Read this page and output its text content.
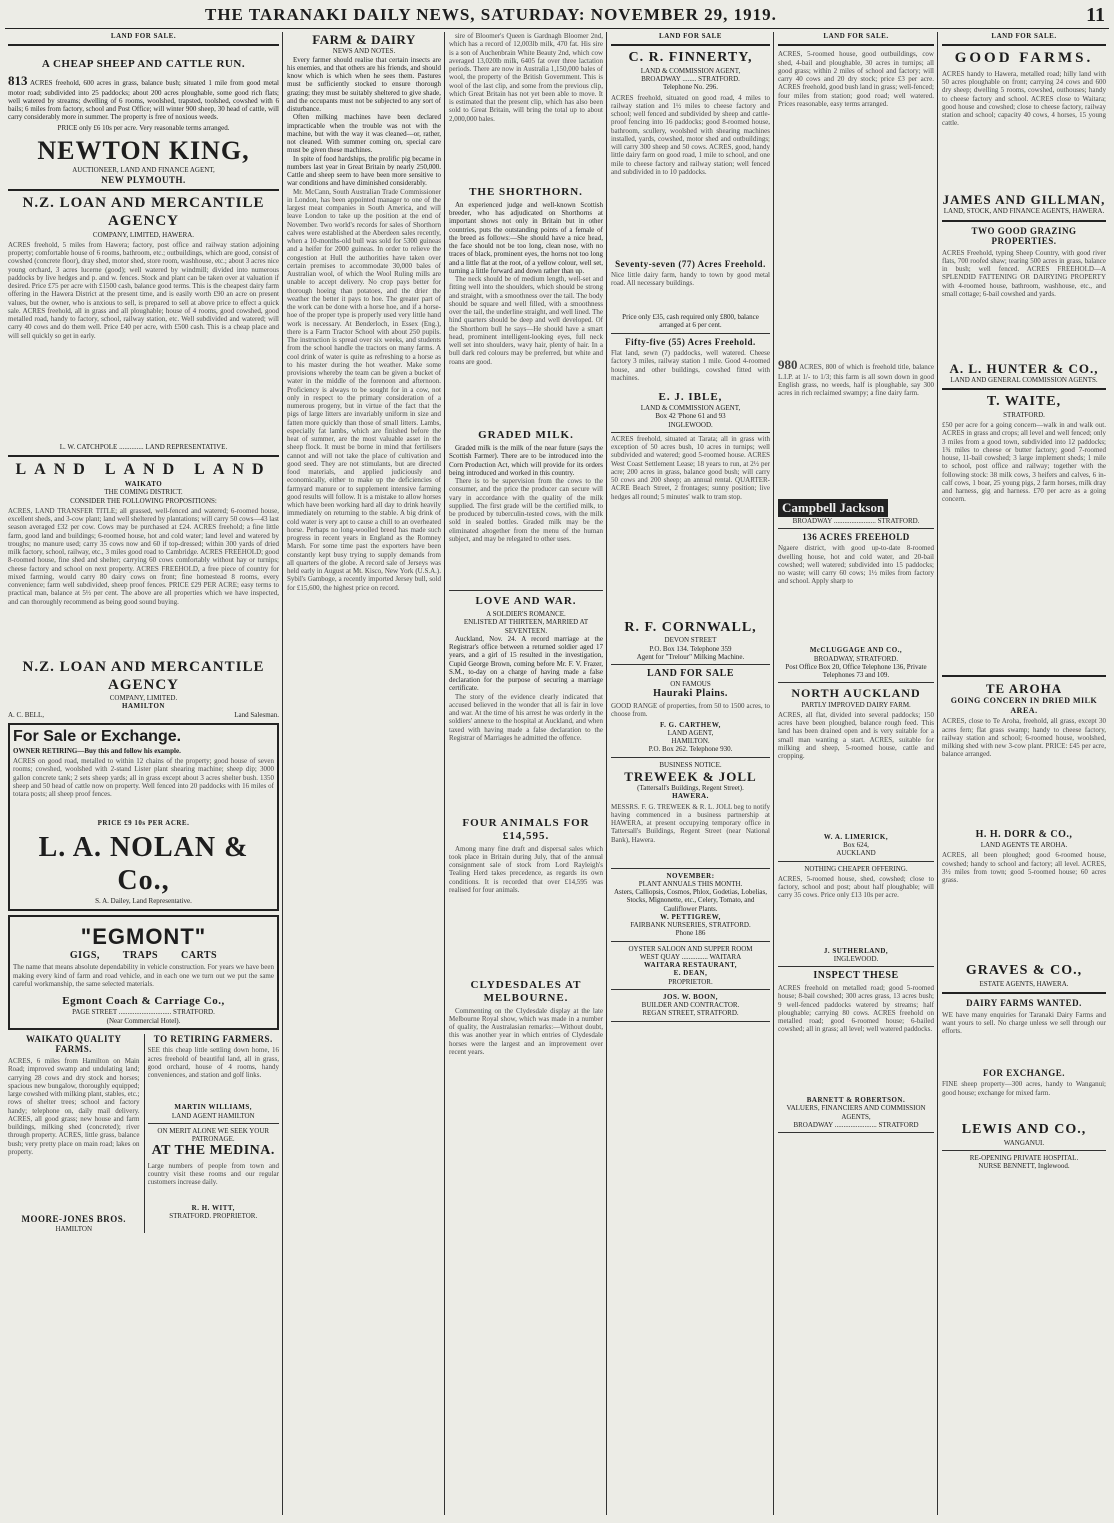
THE TARANAKI DAILY NEWS, SATURDAY: NOVEMBER 29, 1919.	11
LAND FOR SALE.
A CHEAP SHEEP AND CATTLE RUN.

813 ACRES freehold, 600 acres in grass, balance bush; situated 1 mile from good metal motor road; subdivided into 25 paddocks; about 200 acres ploughable, some good rich flats; well watered by streams; dwelling of 6 rooms, woolshed, trapsted, toolshed, cowshed with 6 bails; 6 miles from factory, school and Post Office; will winter 900 sheep, 30 head of cattle, will carry considerably more in summer. The property is free of noxious weeds.

PRICE only £6 10s per acre. Very reasonable terms arranged.
NEWTON KING,
AUCTIONEER, LAND AND FINANCE AGENT,
NEW PLYMOUTH.
N.Z. LOAN AND MERCANTILE AGENCY
COMPANY, LIMITED, HAWERA.

ACRES freehold, 5 miles from Hawera; factory, post office and railway station adjoining property; comfortable house of 6 rooms, bathroom, etc.; outbuildings, which are good, consist of cowshed (concrete floor), dray shed, motor shed, store room, washhouse, etc.; about 3 acres nice young orchard, 3 acres lucerne (good); well watered by windmill; divided into numerous paddocks by live hedges and p. and w. fences. Stock and plant can be taken over at valuation if desired. Price £75 per acre with £1500 cash, balance good terms. This is the cheapest dairy farm offering in the Hawera District at the present time, and is easily worth £90 an acre on present values, but the owner, who is anxious to sell, is prepared to sell at above price to effect a quick sale. ACRES freehold, all in grass and all ploughable; house of 4 rooms, good cowshed, good metalled road, handy to factory, school, railway station, etc. Well subdivided and watered; will carry 40 cows and do them well. Price £40 per acre, with £500 cash. This is a cheap place and will sell quickly so get in early.

L. W. CATCHPOLE .............. LAND REPRESENTATIVE.
LAND LAND LAND
WAIKATO
THE COMING DISTRICT.
CONSIDER THE FOLLOWING PROPOSITIONS:

ACRES, LAND TRANSFER TITLE; all grassed, well-fenced and watered; 6-roomed house, excellent sheds, and 3-cow plant; land well sheltered by plantations; will carry 50 cows—43 last season averaged £32 per cow. Cows may be purchased at £24. ACRES freehold; a fine little farm, good land and buildings; 6-roomed house, hot and cold water; land level and watered by troughs; no manure used; carry 35 cows now and 60 if top-dressed; within 300 yards of dried milk factory, school, railway, etc., 3 miles good road to Cambridge. ACRES FREEHOLD; good 8-roomed house, fine shed and shelter; carrying 60 cows comfortably without hay or turnips; cheese factory and school on next property. ACRES FREEHOLD, a free piece of country for mixed farming, would carry 80 dairy cows on front; fine homestead 8 rooms, every convenience; farm well subdivided, sheep proof fences. PRICE £29 PER ACRE; easy terms to practical man, balance at 5½ per cent. The above are all properties which we have inspected, and can thoroughly recommend as being good sound buying.

N.Z. LOAN AND MERCANTILE AGENCY
COMPANY, LIMITED.
HAMILTON
A. C. BELL,	Land Salesman.
For Sale or Exchange.
OWNER RETIRING—Buy this and follow his example.

ACRES on good road, metalled to within 12 chains of the property; good house of seven rooms; cowshed, woolshed with 2-stand Lister plant shearing machine; sheep dip; 3000 gallon concrete tank; 2 sets sheep yards; all in grass except about 3 acres shelter bush. 1350 sheep and 50 head of cattle now on property. Well fenced into 20 paddocks with 16 miles of totara posts; all sheep proof fences.

PRICE £9 10s PER ACRE.
L. A. NOLAN & Co.,
S. A. Dailey, Land Representative.
"EGMONT"
GIGS, TRAPS CARTS

The name that means absolute dependability in vehicle construction. For years we have been making every kind of farm and road vehicle, and in each one we turn out we put the same careful workmanship, the same selected materials.

Egmont Coach & Carriage Co.,
PAGE STREET .............................. STRATFORD.
(Near Commercial Hotel).
WAIKATO QUALITY FARMS.

ACRES, 6 miles from Hamilton on Main Road; improved swamp and undulating land; carrying 28 cows and dry stock and horses; spacious new bungalow, thoroughly equipped; large cowshed with milking plant, stables, etc.; rows of shelter trees; school and factory handy; telephone on, daily mail delivery. ACRES, all good grass; new house and farm buildings, milking shed (concreted); river through property. ACRES, little grass, balance bush; very pretty place on main road; lakes on property.

MOORE-JONES BROS.
HAMILTON
TO RETIRING FARMERS.

SEE this cheap little settling down home, 16 acres freehold of beautiful land, all in grass, good orchard, house of 4 rooms, handy conveniences, and station and golf links.

MARTIN WILLIAMS,
LAND AGENT HAMILTON
ON MERIT ALONE WE SEEK YOUR PATRONAGE.
AT THE MEDINA.

Large numbers of people from town and country visit these rooms and our regular customers increase daily.

R. H. WITT,
STRATFORD. PROPRIETOR.
FARM & DAIRY
NEWS AND NOTES.

Every farmer should realise that certain insects are his enemies, and that others are his friends, and should know which is which when he sees them. Pastures must be sufficiently stocked to ensure thorough grazing; they must be suitably sheltered to give shade, and the occupants must not be subjected to any sort of disturbance.

Often milking machines have been declared impracticable when the trouble was not with the machine, but with the way it was cleaned—or, rather, not cleaned. With summer coming on, special care must be given these machines.

In spite of food hardships, the prolific pig became in numbers last year in Great Britain by nearly 250,000. Cattle and sheep seem to have been more sensitive to war conditions and have diminished considerably.

Mr. McCann, South Australian Trade Commissioner in London, has been appointed manager to one of the largest meat companies in South America, and will leave London to take up the position at the end of November. Two world's records for sales of Shorthorn calves were established at the Aberdeen sales recently, when a 10-months-old bull was sold for 5300 guineas and a heifer for 2000 guineas. In order to relieve the congestion at Hull the authorities have taken over certain premises to accommodate 30,000 bales of Australian wool, of which the Wool Ruling mills are unable to accept delivery. No crop pays better for thorough hoeing than potatoes, and the drier the weather the better it pays to hoe. The greater part of the work can be done with a horse hoe, and if a horse-hoe of the proper type is properly used very little hand work is necessary. At Benderloch, in Essex (Eng.), there is a Farm Tractor School with about 250 pupils. The instruction is spread over six weeks, and students from the school handle the tractors on many farms. A cool drink of water is quite as refreshing to a horse as to his master during the hot weather. Make some provisions whereby the team can be given a bucket of water in the middle of the forenoon and afternoon. Proficiency is always to be sought for in a cow, not only in respect to the primary consideration of a numerous progeny, but in virtue of the fact that the pigs of large litters are invariably uniform in size and fatten more quickly than those of small litters. Lambs, especially fat lambs, which are finished before the heat of summer, are the most valuable asset in the sheep flock. It must be borne in mind that fertilisers cannot and will not take the place of cultivation and good seed. They are not stimulants, but are directed food materials, and applied judiciously and economically, either to make up the deficiencies of farmyard manure or to supplement intensive farming good results will follow. It is a mistake to allow horses which have been working hard all day to drink heavily immediately on returning to the stable. A big drink of cold water is very apt to cause a chill to an overheated horse. Perhaps no long-woolled breed has made such progress in recent years in England as the Romney Marsh. For some time past the exporters have been constantly kept busy trying to supply demands from all quarters of the globe. A record sale of Jerseys was held early in August at Mt. Kisco, New York (U.S.A.). Sybil's Gamboge, a recently imported Jersey bull, sold for £15,600, the highest price on record.

sire of Bloomer's Queen is Gardnagh Bloomer 2nd, which has a record of 12,003lb milk, 470 fat. His sire is a son of Auchenbrain White Beauty 2nd, which cow averaged 13,020lb milk, 6405 fat over three lactation periods. There are now in Australia 1,150,000 bales of wool, the property of the British Government. This is wool of the last clip, and some from the previous clip, which Great Britain has not yet been able to move. It is estimated that the present clip, which has also been sold to Great Britain, will bring the total up to about 2,000,000 bales.

THE SHORTHORN.

An experienced judge and well-known Scottish breeder, who has adjudicated on Shorthorns at important shows not only in Britain but in other countries, puts the outstanding points of a female of the breed as follows:—She should have a nice head, the face should not be too long, clean nose, with no traces of black, prominent eyes, the horns not too long and a little flat at the root, of a yellow colour, well set, turning a little forward and down rather than up.

The neck should be of medium length, well-set and fitting well into the shoulders, which should be strong and straight, with a smoothness over the tail. The body should be square and well filled, with a smoothness over the tail, the underline straight, and well lined. The hind quarters should be deep and well developed. Of the Shorthorn bull he says—He should have a smart head, prominent intelligent-looking eyes, full neck well set into shoulders, wavy hair, plenty of hair. In a bull dark red colours may be preferred, but white and roans are good.

GRADED MILK.

Graded milk is the milk of the near future (says the Scottish Farmer). There are to be introduced into the Corn Production Act, which will provide for its orders being introduced and worked in this country.

There is to be supervision from the cows to the consumer, and the price the producer can secure will vary in accordance with the quality of the milk supplied. The first grade will be the certified milk, to be produced by tuberculin-tested cows, with the milk sold in sealed bottles. Graded milk may be the eliminated altogether from the menu of the human subject, and may be relegated to other uses.

LOVE AND WAR.
A SOLDIER'S ROMANCE.
ENLISTED AT THIRTEEN, MARRIED AT SEVENTEEN.

Auckland, Nov. 24. A record marriage at the Registrar's office between a returned soldier aged 17 years, and a girl of 15 resulted in the investigation, Cupid George Brown, coming before Mr. F. V. Frazer, S.M., to-day on a charge of having made a false declaration for the purpose of securing a marriage certificate.

The story of the evidence clearly indicated that accused believed in the wonder that all is fair in love and war. At the time of his arrest he was orderly in the soldiers' annexe to the hospital at Auckland, and when taxed with having made a false declaration to the Registrar of Marriages he admitted the offence.

FOUR ANIMALS FOR £14,595.

Among many fine draft and dispersal sales which took place in Britain during July, that of the annual consignment sale of stock from Lord Rayleigh's Tealing Herd takes precedence, as regards its own conditions. It is recorded that over £14,595 was realised for four animals.

CLYDESDALES AT MELBOURNE.

Commenting on the Clydesdale display at the late Melbourne Royal show, which was made in a number of quality, the Australasian remarks:—Without doubt, this was another year in which entries of Clydesdale horses were the largest and an improvement over recent years.

LAND FOR SALE
C. R. FINNERTY,
LAND & COMMISSION AGENT,
BROADWAY ........ STRATFORD.
Telephone No. 296.

ACRES freehold, situated on good road, 4 miles to railway station and 1½ miles to cheese factory and school; well fenced and subdivided by sheep and cattle-proof fencing into 16 paddocks; good 8-roomed house, bathroom, scullery, woolshed with shearing machines installed, yards, cowshed, motor shed and outbuildings; will carry 300 sheep and 50 cows. ACRES, good, handy little dairy farm on good road, 1 mile to school, and one mile to cheese factory and railway station; well fenced and subdivided in to 10 paddocks.

Seventy-seven (77) Acres Freehold.

Nice little dairy farm, handy to town by good metal road. All necessary buildings.

Price only £35, cash required only £800, balance arranged at 6 per cent.
Fifty-five (55) Acres Freehold.

Flat land, sewn (7) paddocks, well watered. Cheese factory 3 miles, railway station 1 mile. Good 4-roomed house, and other buildings, cowshed fitted with machines.

E. J. IBLE,
LAND & COMMISSION AGENT,
Box 42 'Phone 61 and 93
INGLEWOOD.

ACRES freehold, situated at Tarata; all in grass with exception of 50 acres bush, 10 acres in turnips; well subdivided and watered; good 5-roomed house. ACRES West Coast Settlement Lease; 18 years to run, at 2½ per acre; 200 acres in grass, balance good bush; will carry 50 cows and 200 sheep; an annual rental. QUARTER-ACRE Beach Street, 2 frontages; sunny position; live hedges all round; 5 minutes' walk to tram stop.

R. F. CORNWALL,
DEVON STREET
P.O. Box 134. Telephone 359
Agent for "Trelour" Milking Machine.
LAND FOR SALE
ON FAMOUS
Hauraki Plains.

GOOD RANGE of properties, from 50 to 1500 acres, to choose from.

F. G. CARTHEW,
LAND AGENT,
HAMILTON.
P.O. Box 262. Telephone 930.
BUSINESS NOTICE.
TREWEEK & JOLL
(Tattersall's Buildings, Regent Street).
HAWERA.

MESSRS. F. G. TREWEEK & R. L. JOLL beg to notify having commenced in a business partnership at HAWERA, at present occupying temporary office in Tattersall's Buildings, Regent Street (near National Bank), Hawera.

NOVEMBER:
PLANT ANNUALS THIS MONTH.
Asters, Calliopsis, Cosmos, Phlox, Godetias, Lobelias, Stocks, Mignonette, etc., Celery, Tomato, and Cauliflower Plants.
W. PETTIGREW,
FAIRBANK NURSERIES, STRATFORD.
Phone 186
OYSTER SALOON AND SUPPER ROOM
WEST QUAY ............... WAITARA
WAITARA RESTAURANT,
E. DEAN,
PROPRIETOR.
JOS. W. BOON,
BUILDER AND CONTRACTOR.
REGAN STREET, STRATFORD.
LAND FOR SALE.

ACRES, 5-roomed house, good outbuildings, cow shed, 4-bail and ploughable, 30 acres in turnips; all good grass; within 2 miles of school and factory; will carry 40 cows and 20 dry stock; price £3 per acre. ACRES freehold, good bush land in grass; well-fenced; four miles from station; good road; well watered. Prices reasonable, easy terms arranged.

980 ACRES, 800 of which is freehold title, balance L.I.P. at 1/- to 1/3; this farm is all sown down in good English grass, no weeds, half is ploughable, say 300 acres in rich reclaimed swampy; a fine dairy farm.

Campbell Jackson
BROADWAY ........................ STRATFORD.
136 ACRES FREEHOLD

Ngaere district, with good up-to-date 8-roomed dwelling house, hot and cold water, and 20-bail cowshed; well watered; subdivided into 15 paddocks; no waste; will carry 60 cows; 1½ miles from factory and school. Apply sharp to

McCLUGGAGE AND CO.,
BROADWAY, STRATFORD.
Post Office Box 20, Office Telephone 136, Private Telephones 73 and 109.
NORTH AUCKLAND
PARTLY IMPROVED DAIRY FARM.

ACRES, all flat, divided into several paddocks; 150 acres have been ploughed, balance rough feed. This land has been drained open and is very suitable for a small man wanting a start. ACRES, suitable for milking and sheep, 5-roomed house, cattle and cropping.

W. A. LIMERICK,
Box 624,
AUCKLAND
NOTHING CHEAPER OFFERING.

ACRES, 5-roomed house, shed, cowshed; close to factory, school and post; about half ploughable; will carry 35 cows. Price only £13 10s per acre.

J. SUTHERLAND,
INGLEWOOD.
INSPECT THESE

ACRES freehold on metalled road; good 5-roomed house; 8-bail cowshed; 300 acres grass, 13 acres bush; 9 well-fenced paddocks watered by streams; half ploughable; carrying 80 cows. ACRES freehold on metalled road; good 6-roomed house; 6-bailed cowshed; all in grass; all level; well watered paddocks.

BARNETT & ROBERTSON.
VALUERS, FINANCIERS AND COMMISSION AGENTS,
BROADWAY ........................ STRATFORD
LAND FOR SALE.
GOOD FARMS.

ACRES handy to Hawera, metalled road; hilly land with 50 acres ploughable on front; carrying 24 cows and 600 dry sheep; dwelling 5 rooms, cowshed, outhouses; handy to cheese factory and school. ACRES close to Waitara; good house and cowshed; close to cheese factory, railway station and school; capacity 40 cows, 4 horses, 15 young cattle.

JAMES AND GILLMAN,
LAND, STOCK, AND FINANCE AGENTS, HAWERA.
TWO GOOD GRAZING PROPERTIES.

ACRES Freehold, typing Sheep Country, with good river flats, 700 roofed shaw; tearing 500 acres in grass, balance in bush; well fenced. ACRES FREEHOLD—A SPLENDID FATTENING OR DAIRYING PROPERTY with 4-roomed house, bathroom, washhouse, etc., and small cottage; 6-bail cowshed and yards.

A. L. HUNTER & CO.,
LAND AND GENERAL COMMISSION AGENTS.
T. WAITE,
STRATFORD.

£50 per acre for a going concern—walk in and walk out. ACRES in grass and crops; all level and well fenced; only 3 miles from a good town, subdivided into 12 paddocks; 1¾ miles to cheese or butter factory; good 7-roomed house, 11-bail cowshed; 3 large implement sheds; 1 mile to school, post office and railway; together with the following stock: 38 milk cows, 3 heifers and calves, 6 in-calf cows, 1 boar, 25 young pigs, 2 farm horses, milk dray and harness, gig and harness. £70 per acre as a going concern.

TE AROHA
GOING CONCERN IN DRIED MILK AREA.

ACRES, close to Te Aroha, freehold, all grass, except 30 acres fern; flat grass swamp; handy to cheese factory, railway station and school; 6-roomed house, woolshed, milking shed with new 3-cow plant. PRICE: £45 per acre, balance arranged.

H. H. DORR & CO.,
LAND AGENTS TE AROHA.

ACRES, all been ploughed; good 6-roomed house, cowshed; handy to school and factory; all level. ACRES, 3½ miles from town; good 5-roomed house; 60 acres grass.

GRAVES & CO.,
ESTATE AGENTS, HAWERA.
DAIRY FARMS WANTED.

WE have many enquiries for Taranaki Dairy Farms and want yours to sell. No charge unless we sell through our efforts.

FOR EXCHANGE.

FINE sheep property—300 acres, handy to Wanganui; good house; exchange for mixed farm.

LEWIS AND CO.,
WANGANUI.
RE-OPENING PRIVATE HOSPITAL.
NURSE BENNETT, Inglewood.
